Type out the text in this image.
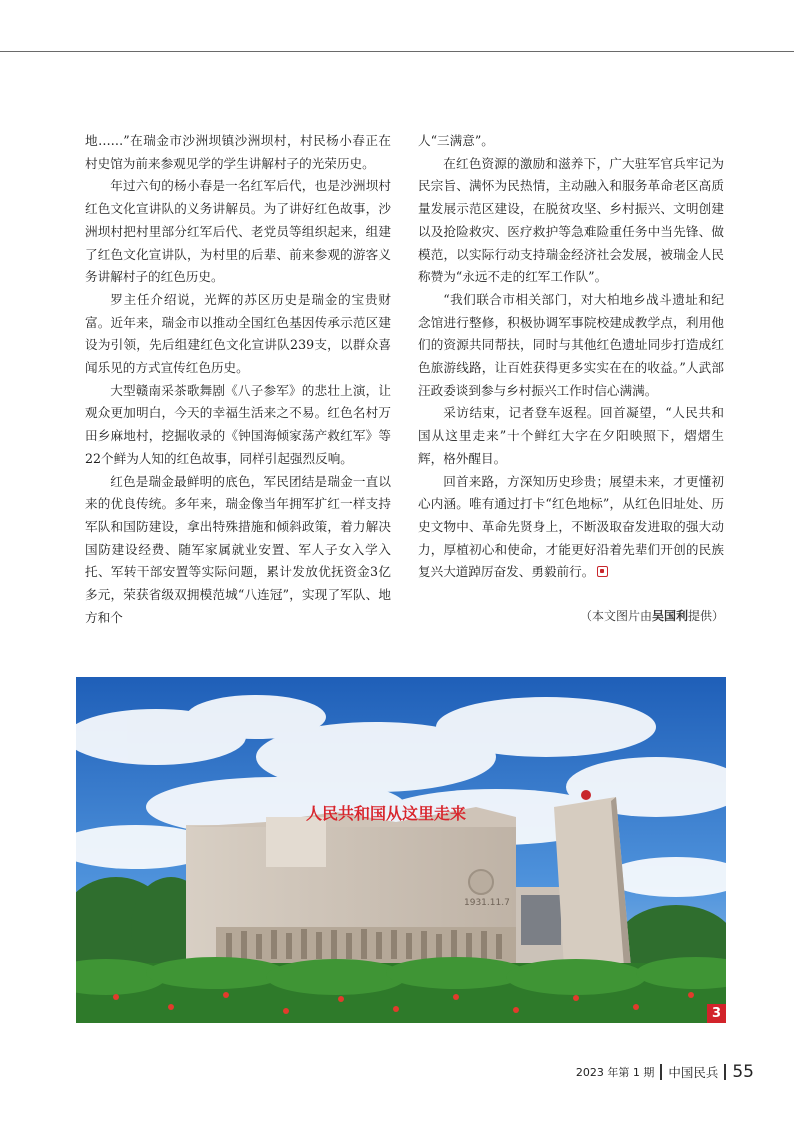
地……”在瑞金市沙洲坝镇沙洲坝村，村民杨小春正在村史馆为前来参观见学的学生讲解村子的光荣历史。

年过六旬的杨小春是一名红军后代，也是沙洲坝村红色文化宣讲队的义务讲解员。为了讲好红色故事，沙洲坝村把村里部分红军后代、老党员等组织起来，组建了红色文化宣讲队，为村里的后辈、前来参观的游客义务讲解村子的红色历史。

罗主任介绍说，光辉的苏区历史是瑞金的宝贵财富。近年来，瑞金市以推动全国红色基因传承示范区建设为引领，先后组建红色文化宣讲队239支，以群众喜闻乐见的方式宣传红色历史。

大型赣南采茶歌舞剧《八子参军》的悲壮上演，让观众更加明白，今天的幸福生活来之不易。红色名村万田乡麻地村，挖掘收录的《钟国海倾家荡产救红军》等22个鲜为人知的红色故事，同样引起强烈反响。

红色是瑞金最鲜明的底色，军民团结是瑞金一直以来的优良传统。多年来，瑞金像当年拥军扩红一样支持军队和国防建设，拿出特殊措施和倾斜政策，着力解决国防建设经费、随军家属就业安置、军人子女入学入托、军转干部安置等实际问题，累计发放优抚资金3亿多元，荣获省级双拥模范城“八连冠”，实现了军队、地方和个

人“三满意”。

在红色资源的激励和滋养下，广大驻军官兵牢记为民宗旨、满怀为民热情，主动融入和服务革命老区高质量发展示范区建设，在脱贫攻坚、乡村振兴、文明创建以及抢险救灾、医疗救护等急难险重任务中当先锋、做模范，以实际行动支持瑞金经济社会发展，被瑞金人民称赞为“永远不走的红军工作队”。

“我们联合市相关部门，对大柏地乡战斗遗址和纪念馆进行整修，积极协调军事院校建成教学点，利用他们的资源共同帮扶，同时与其他红色遗址同步打造成红色旅游线路，让百姓获得更多实实在在的收益。”人武部汪政委谈到参与乡村振兴工作时信心满满。

采访结束，记者登车返程。回首凝望，“人民共和国从这里走来”十个鲜红大字在夕阳映照下，熠熠生辉，格外醒目。

回首来路，方深知历史珍贵；展望未来，才更懂初心内涵。唯有通过打卡“红色地标”，从红色旧址处、历史文物中、革命先贤身上，不断汲取奋发进取的强大动力，厚植初心和使命，才能更好沿着先辈们开创的民族复兴大道踔厉奋发、勇毅前行。

（本文图片由吴国利提供）
人民共和国从这里走来
1931.11.7
3
2023 年第 1 期 中国民兵 55
